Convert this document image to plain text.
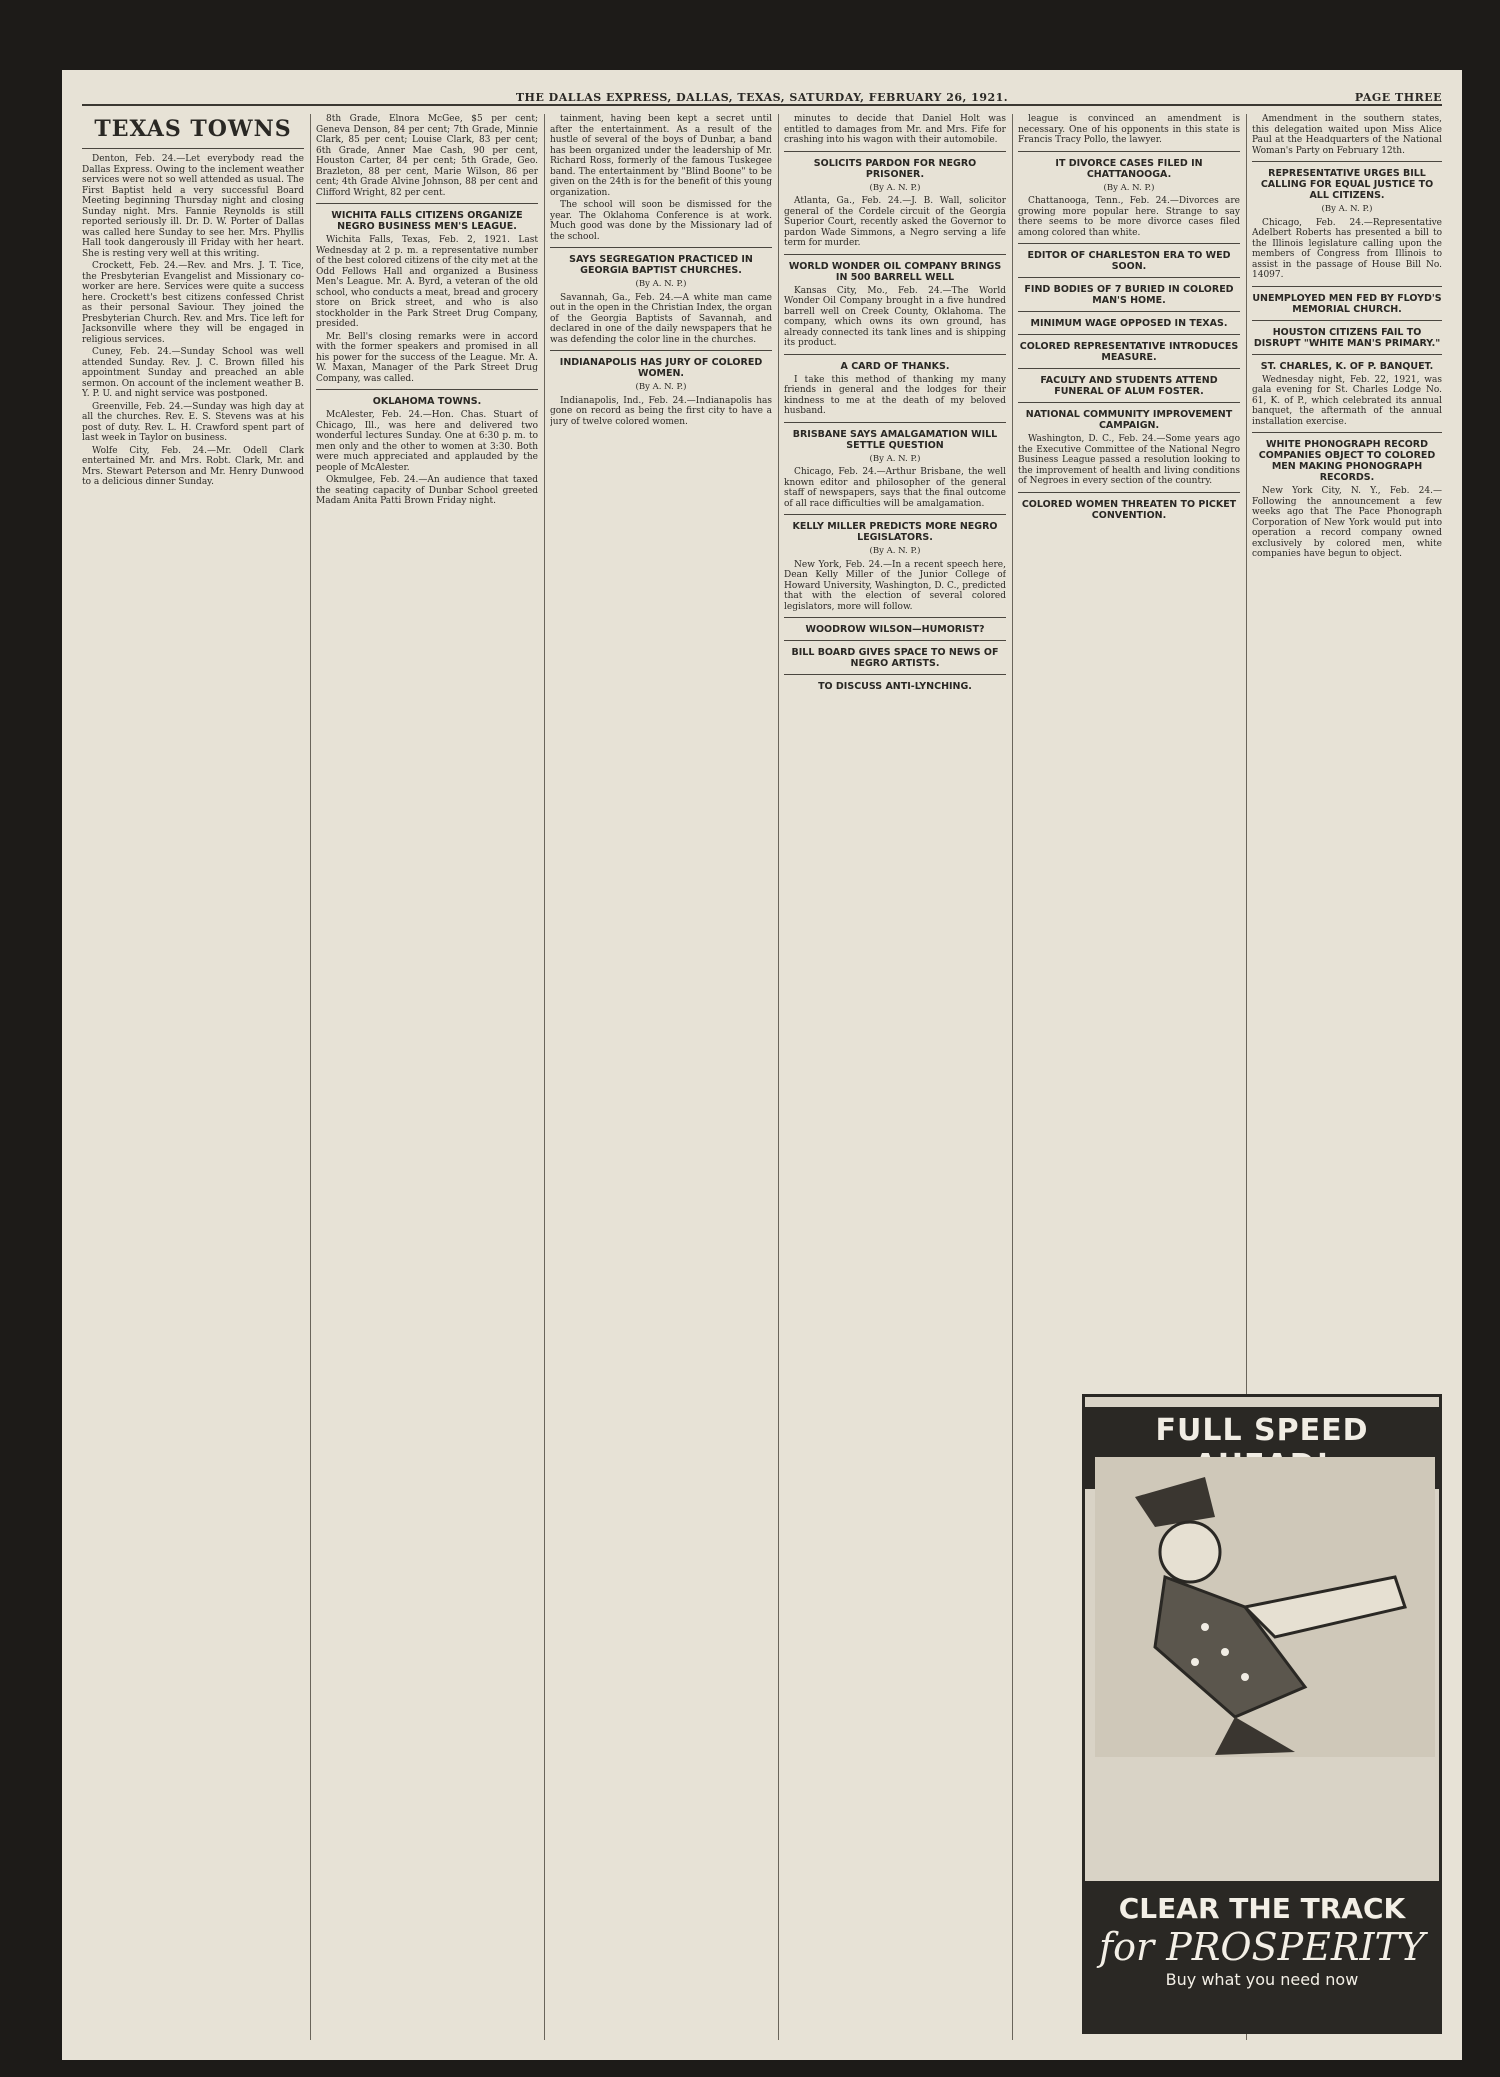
THE DALLAS EXPRESS, DALLAS, TEXAS, SATURDAY, FEBRUARY 26, 1921.	PAGE THREE
TEXAS TOWNS

Denton, Feb. 24.—Let everybody read the Dallas Express. Owing to the inclement weather services were not so well attended as usual. The First Baptist held a very successful Board Meeting beginning Thursday night and closing Sunday night. Mrs. Fannie Reynolds is still reported seriously ill. Dr. D. W. Porter of Dallas was called here Sunday to see her. Mrs. Phyllis Hall took dangerously ill Friday with her heart. She is resting very well at this writing.

Crockett, Feb. 24.—Rev. and Mrs. J. T. Tice, the Presbyterian Evangelist and Missionary co-worker are here. Services were quite a success here. Crockett's best citizens confessed Christ as their personal Saviour. They joined the Presbyterian Church. Rev. and Mrs. Tice left for Jacksonville where they will be engaged in religious services.

Cuney, Feb. 24.—Sunday School was well attended Sunday. Rev. J. C. Brown filled his appointment Sunday and preached an able sermon. On account of the inclement weather B. Y. P. U. and night service was postponed.

Greenville, Feb. 24.—Sunday was high day at all the churches. Rev. E. S. Stevens was at his post of duty. Rev. L. H. Crawford spent part of last week in Taylor on business.

Wolfe City, Feb. 24.—Mr. Odell Clark entertained Mr. and Mrs. Robt. Clark, Mr. and Mrs. Stewart Peterson and Mr. Henry Dunwood to a delicious dinner Sunday.

8th Grade, Elnora McGee, $5 per cent; Geneva Denson, 84 per cent; 7th Grade, Minnie Clark, 85 per cent; Louise Clark, 83 per cent; 6th Grade, Anner Mae Cash, 90 per cent, Houston Carter, 84 per cent; 5th Grade, Geo. Brazleton, 88 per cent, Marie Wilson, 86 per cent; 4th Grade Alvine Johnson, 88 per cent and Clifford Wright, 82 per cent.

WICHITA FALLS CITIZENS ORGANIZE NEGRO BUSINESS MEN'S LEAGUE.

Wichita Falls, Texas, Feb. 2, 1921. Last Wednesday at 2 p. m. a representative number of the best colored citizens of the city met at the Odd Fellows Hall and organized a Business Men's League. Mr. A. Byrd, a veteran of the old school, who conducts a meat, bread and grocery store on Brick street, and who is also stockholder in the Park Street Drug Company, presided.

Mr. Bell's closing remarks were in accord with the former speakers and promised in all his power for the success of the League. Mr. A. W. Maxan, Manager of the Park Street Drug Company, was called.

OKLAHOMA TOWNS.

McAlester, Feb. 24.—Hon. Chas. Stuart of Chicago, Ill., was here and delivered two wonderful lectures Sunday. One at 6:30 p. m. to men only and the other to women at 3:30. Both were much appreciated and applauded by the people of McAlester.

Okmulgee, Feb. 24.—An audience that taxed the seating capacity of Dunbar School greeted Madam Anita Patti Brown Friday night.

tainment, having been kept a secret until after the entertainment. As a result of the hustle of several of the boys of Dunbar, a band has been organized under the leadership of Mr. Richard Ross, formerly of the famous Tuskegee band. The entertainment by "Blind Boone" to be given on the 24th is for the benefit of this young organization.

The school will soon be dismissed for the year. The Oklahoma Conference is at work. Much good was done by the Missionary lad of the school.

SAYS SEGREGATION PRACTICED IN GEORGIA BAPTIST CHURCHES.
(By A. N. P.)

Savannah, Ga., Feb. 24.—A white man came out in the open in the Christian Index, the organ of the Georgia Baptists of Savannah, and declared in one of the daily newspapers that he was defending the color line in the churches.

INDIANAPOLIS HAS JURY OF COLORED WOMEN.
(By A. N. P.)

Indianapolis, Ind., Feb. 24.—Indianapolis has gone on record as being the first city to have a jury of twelve colored women.

minutes to decide that Daniel Holt was entitled to damages from Mr. and Mrs. Fife for crashing into his wagon with their automobile.

SOLICITS PARDON FOR NEGRO PRISONER.
(By A. N. P.)

Atlanta, Ga., Feb. 24.—J. B. Wall, solicitor general of the Cordele circuit of the Georgia Superior Court, recently asked the Governor to pardon Wade Simmons, a Negro serving a life term for murder.

WORLD WONDER OIL COMPANY BRINGS IN 500 BARRELL WELL

Kansas City, Mo., Feb. 24.—The World Wonder Oil Company brought in a five hundred barrell well on Creek County, Oklahoma. The company, which owns its own ground, has already connected its tank lines and is shipping its product.

A CARD OF THANKS.

I take this method of thanking my many friends in general and the lodges for their kindness to me at the death of my beloved husband.

BRISBANE SAYS AMALGAMATION WILL SETTLE QUESTION
(By A. N. P.)

Chicago, Feb. 24.—Arthur Brisbane, the well known editor and philosopher of the general staff of newspapers, says that the final outcome of all race difficulties will be amalgamation.

KELLY MILLER PREDICTS MORE NEGRO LEGISLATORS.
(By A. N. P.)

New York, Feb. 24.—In a recent speech here, Dean Kelly Miller of the Junior College of Howard University, Washington, D. C., predicted that with the election of several colored legislators, more will follow.

WOODROW WILSON—HUMORIST?
BILL BOARD GIVES SPACE TO NEWS OF NEGRO ARTISTS.
TO DISCUSS ANTI-LYNCHING.

league is convinced an amendment is necessary. One of his opponents in this state is Francis Tracy Pollo, the lawyer.

IT DIVORCE CASES FILED IN CHATTANOOGA.
(By A. N. P.)

Chattanooga, Tenn., Feb. 24.—Divorces are growing more popular here. Strange to say there seems to be more divorce cases filed among colored than white.

EDITOR OF CHARLESTON ERA TO WED SOON.
FIND BODIES OF 7 BURIED IN COLORED MAN'S HOME.
MINIMUM WAGE OPPOSED IN TEXAS.
COLORED REPRESENTATIVE INTRODUCES MEASURE.
FACULTY AND STUDENTS ATTEND FUNERAL OF ALUM FOSTER.
NATIONAL COMMUNITY IMPROVEMENT CAMPAIGN.

Washington, D. C., Feb. 24.—Some years ago the Executive Committee of the National Negro Business League passed a resolution looking to the improvement of health and living conditions of Negroes in every section of the country.

COLORED WOMEN THREATEN TO PICKET CONVENTION.

Amendment in the southern states, this delegation waited upon Miss Alice Paul at the Headquarters of the National Woman's Party on February 12th.

REPRESENTATIVE URGES BILL CALLING FOR EQUAL JUSTICE TO ALL CITIZENS.
(By A. N. P.)

Chicago, Feb. 24.—Representative Adelbert Roberts has presented a bill to the Illinois legislature calling upon the members of Congress from Illinois to assist in the passage of House Bill No. 14097.

UNEMPLOYED MEN FED BY FLOYD'S MEMORIAL CHURCH.
HOUSTON CITIZENS FAIL TO DISRUPT "WHITE MAN'S PRIMARY."
ST. CHARLES, K. OF P. BANQUET.

Wednesday night, Feb. 22, 1921, was gala evening for St. Charles Lodge No. 61, K. of P., which celebrated its annual banquet, the aftermath of the annual installation exercise.

WHITE PHONOGRAPH RECORD COMPANIES OBJECT TO COLORED MEN MAKING PHONOGRAPH RECORDS.

New York City, N. Y., Feb. 24.—Following the announcement a few weeks ago that The Pace Phonograph Corporation of New York would put into operation a record company owned exclusively by colored men, white companies have begun to object.

FULL SPEED
CLEAR THE TRACK
for PROSPERITY
Buy what you need now
